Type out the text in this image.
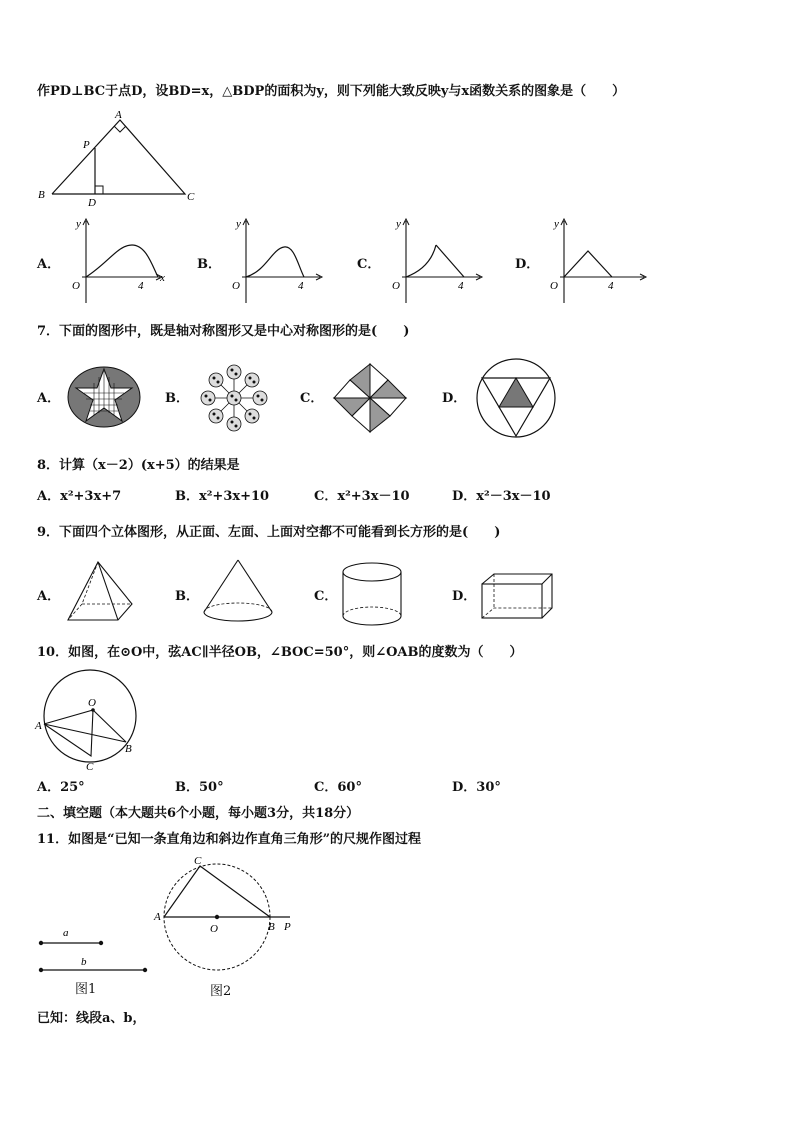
作PD⊥BC于点D，设BD=x，△BDP的面积为y，则下列能大致反映y与x函数关系的图象是（　　）
A
P
B
D	C
A．
y
O	4
x
B．
y
O	4
C．
y
O	4
D．
y
O	4
7．下面的图形中，既是轴对称图形又是中心对称图形的是(　　)
A．	B．	C．	D．
8．计算（x－2）(x+5）的结果是
A．x²+3x+7	B．x²+3x+10	C．x²+3x－10	D．x²－3x－10
9．下面四个立体图形，从正面、左面、上面对空都不可能看到长方形的是(　　)
A．	B．	C．	D．
10．如图，在⊙O中，弦AC∥半径OB，∠BOC=50°，则∠OAB的度数为（　　）
O
A
B
C
A．25°	B．50°	C．60°	D．30°
二、填空题（本大题共6个小题，每小题3分，共18分）
11．如图是“已知一条直角边和斜边作直角三角形”的尺规作图过程
a
b
图1
C
A
O	B P
图2
已知：线段a、b，
